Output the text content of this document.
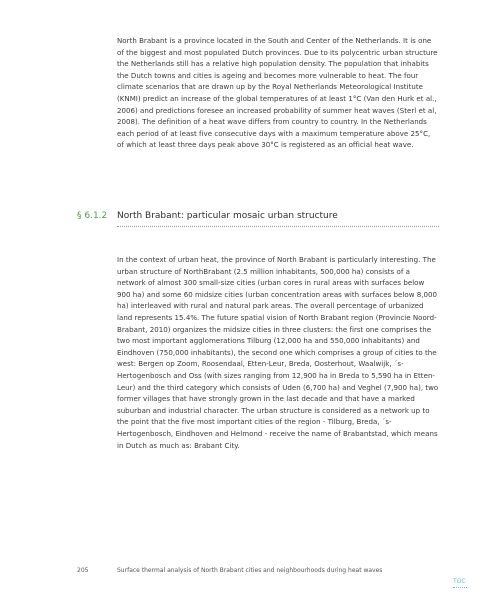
North Brabant is a province located in the South and Center of the Netherlands. It is one of the biggest and most populated Dutch provinces. Due to its polycentric urban structure the Netherlands still has a relative high population density. The population that inhabits the Dutch towns and cities is ageing and becomes more vulnerable to heat. The four climate scenarios that are drawn up by the Royal Netherlands Meteorological Institute (KNMI) predict an increase of the global temperatures of at least 1°C (Van den Hurk et al., 2006) and predictions foresee an increased probability of summer heat waves (Sterl et al, 2008). The definition of a heat wave differs from country to country. In the Netherlands each period of at least five consecutive days with a maximum temperature above 25°C, of which at least three days peak above 30°C is registered as an official heat wave.

§ 6.1.2 North Brabant: particular mosaic urban structure

In the context of urban heat, the province of North Brabant is particularly interesting. The urban structure of NorthBrabant (2.5 million inhabitants, 500,000 ha) consists of a network of almost 300 small-size cities (urban cores in rural areas with surfaces below 900 ha) and some 60 midsize cities (urban concentration areas with surfaces below 8,000 ha) interleaved with rural and natural park areas. The overall percentage of urbanized land represents 15.4%. The future spatial vision of North Brabant region (Provincie Noord-Brabant, 2010) organizes the midsize cities in three clusters: the first one comprises the two most important agglomerations Tilburg (12,000 ha and 550,000 inhabitants) and Eindhoven (750,000 inhabitants), the second one which comprises a group of cities to the west: Bergen op Zoom, Roosendaal, Etten-Leur, Breda, Oosterhout, Waalwijk, ´s-Hertogenbosch and Oss (with sizes ranging from 12,900 ha in Breda to 5,590 ha in Etten-Leur) and the third category which consists of Uden (6,700 ha) and Veghel (7,900 ha), two former villages that have strongly grown in the last decade and that have a marked suburban and industrial character. The urban structure is considered as a network up to the point that the five most important cities of the region - Tilburg, Breda, ´s-Hertogenbosch, Eindhoven and Helmond - receive the name of Brabantstad, which means in Dutch as much as: Brabant City.

205	Surface thermal analysis of North Brabant cities and neighbourhoods during heat waves
TOC
